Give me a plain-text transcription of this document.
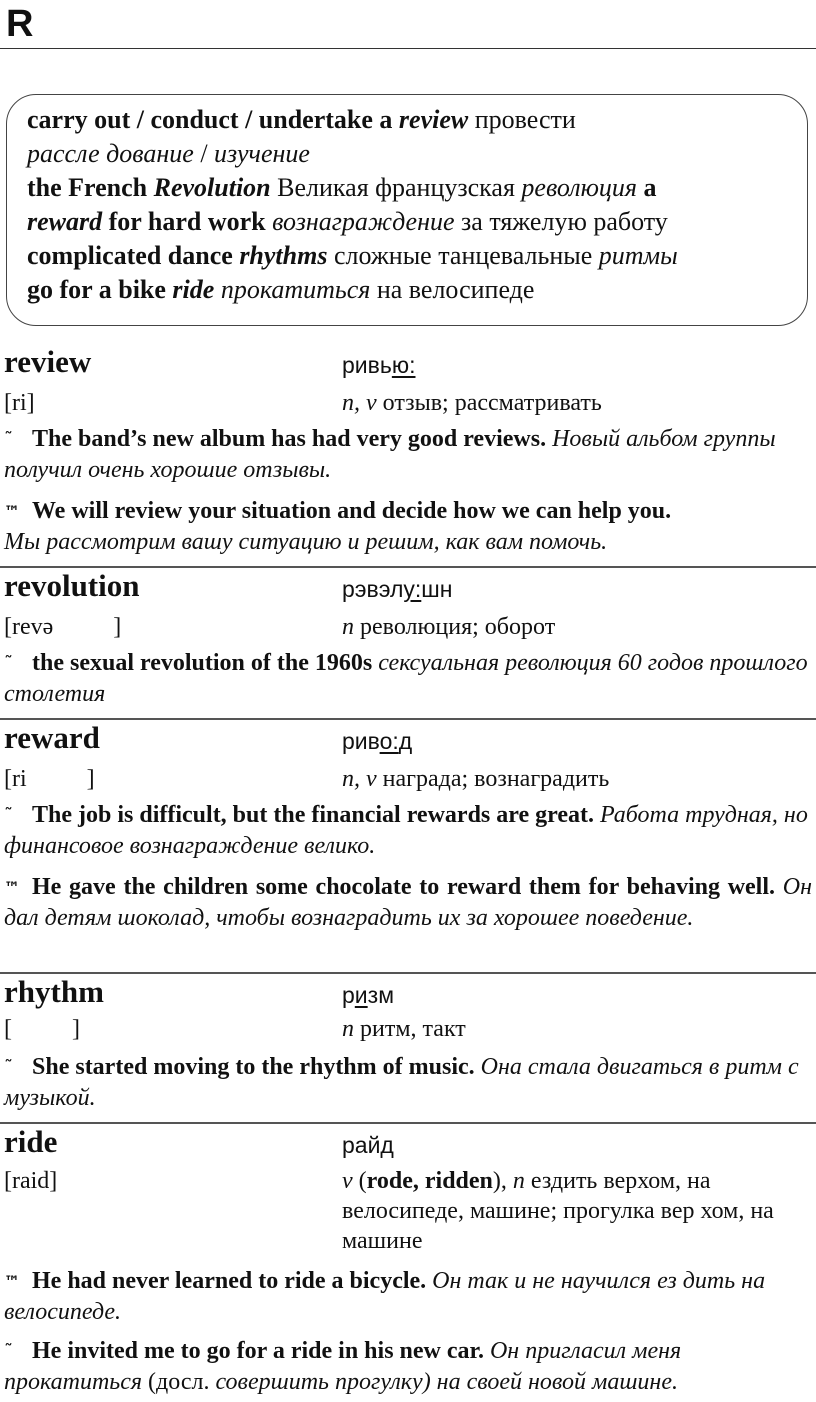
R
carry out / conduct / undertake a review провести
рассле дование / изучение
the French Revolution Великая французская революция a
reward for hard work вознаграждение за тяжелую работу
complicated dance rhythms сложные танцевальные ритмы
go for a bike ride прокатиться на велосипеде
review	ривью:
[ri]	n, v отзыв; рассматривать
˜ The band’s new album has had very good reviews. Новый альбом группы получил очень хорошие отзывы.
™ We will review your situation and decide how we can help you.
Мы рассмотрим вашу ситуацию и решим, как вам помочь.
revolution	рэвэлу:шн
[revə          ]	n революция; оборот
˜ the sexual revolution of the 1960s сексуальная революция 60 годов прошлого столетия
reward	риво:д
[ri          ]	n, v награда; вознаградить
˜ The job is difficult, but the financial rewards are great. Работа трудная, но финансовое вознаграждение велико.
™ He gave the children some chocolate to reward them for behaving well. Он дал детям шоколад, чтобы вознаградить их за хорошее поведение.
rhythm	ризм
[          ]	n ритм, такт
˜ She started moving to the rhythm of music. Она стала двигаться в ритм с музыкой.
ride	райд
[raid]	v (rode, ridden), n ездить верхом, на велосипеде, машине; прогулка вер хом, на машине
™ He had never learned to ride a bicycle. Он так и не научился ез дить на велосипеде.
˜ He invited me to go for a ride in his new car. Он пригласил меня прокатиться (досл. совершить прогулку) на своей новой машине.
